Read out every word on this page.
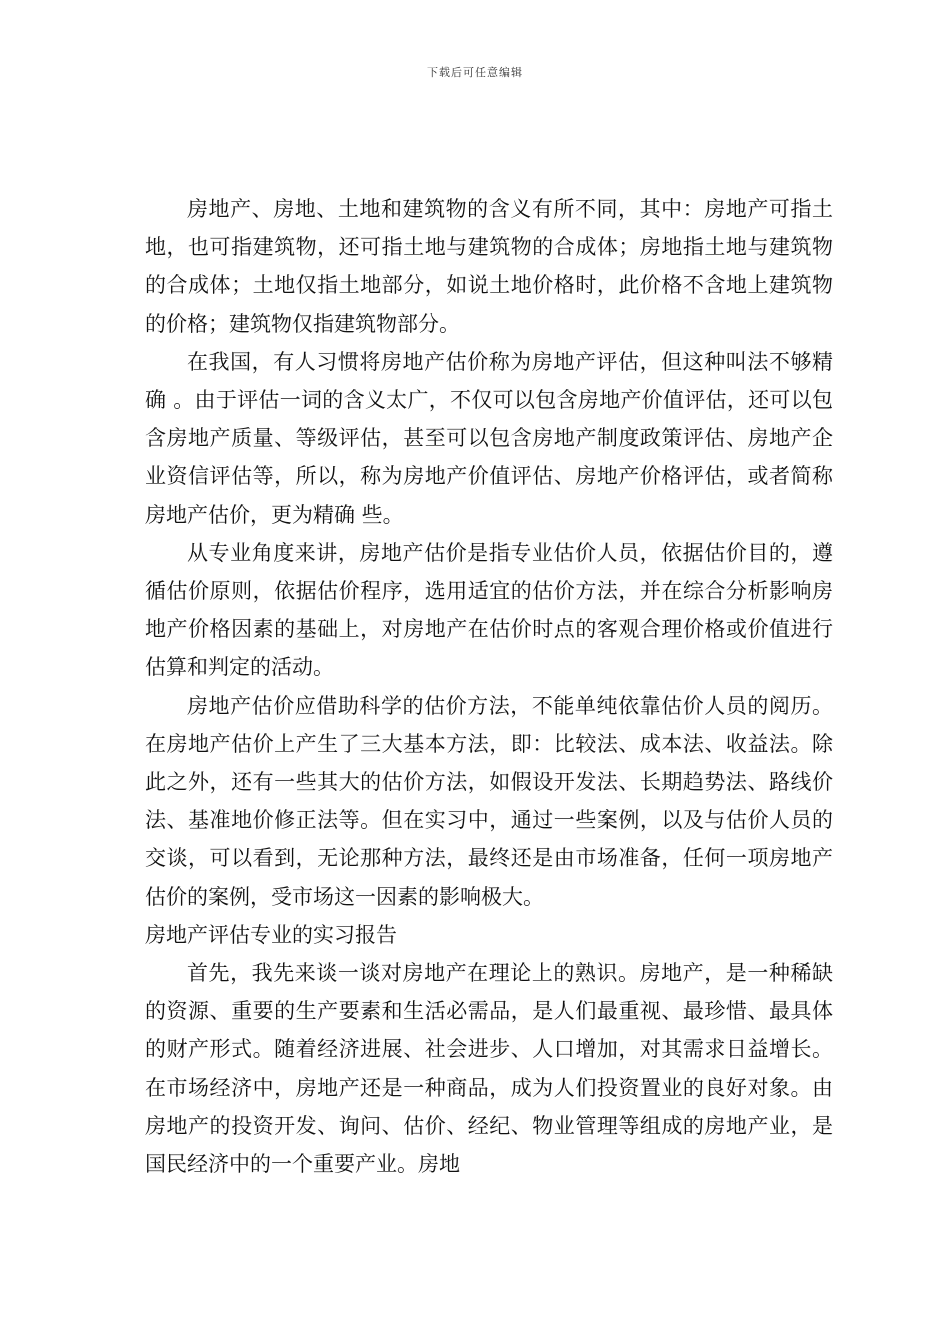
下载后可任意编辑

房地产、房地、土地和建筑物的含义有所不同，其中：房地产可指土地，也可指建筑物，还可指土地与建筑物的合成体；房地指土地与建筑物的合成体；土地仅指土地部分，如说土地价格时，此价格不含地上建筑物的价格；建筑物仅指建筑物部分。

在我国，有人习惯将房地产估价称为房地产评估，但这种叫法不够精确 。由于评估一词的含义太广，不仅可以包含房地产价值评估，还可以包含房地产质量、等级评估，甚至可以包含房地产制度政策评估、房地产企业资信评估等，所以，称为房地产价值评估、房地产价格评估，或者简称房地产估价，更为精确 些。

从专业角度来讲，房地产估价是指专业估价人员，依据估价目的，遵循估价原则，依据估价程序，选用适宜的估价方法，并在综合分析影响房地产价格因素的基础上，对房地产在估价时点的客观合理价格或价值进行估算和判定的活动。

房地产估价应借助科学的估价方法，不能单纯依靠估价人员的阅历。在房地产估价上产生了三大基本方法，即：比较法、成本法、收益法。除此之外，还有一些其大的估价方法，如假设开发法、长期趋势法、路线价法、基准地价修正法等。但在实习中，通过一些案例，以及与估价人员的交谈，可以看到，无论那种方法，最终还是由市场准备，任何一项房地产估价的案例，受市场这一因素的影响极大。

房地产评估专业的实习报告

首先，我先来谈一谈对房地产在理论上的熟识。房地产，是一种稀缺的资源、重要的生产要素和生活必需品，是人们最重视、最珍惜、最具体的财产形式。随着经济进展、社会进步、人口增加，对其需求日益增长。在市场经济中，房地产还是一种商品，成为人们投资置业的良好对象。由房地产的投资开发、询问、估价、经纪、物业管理等组成的房地产业，是国民经济中的一个重要产业。房地
